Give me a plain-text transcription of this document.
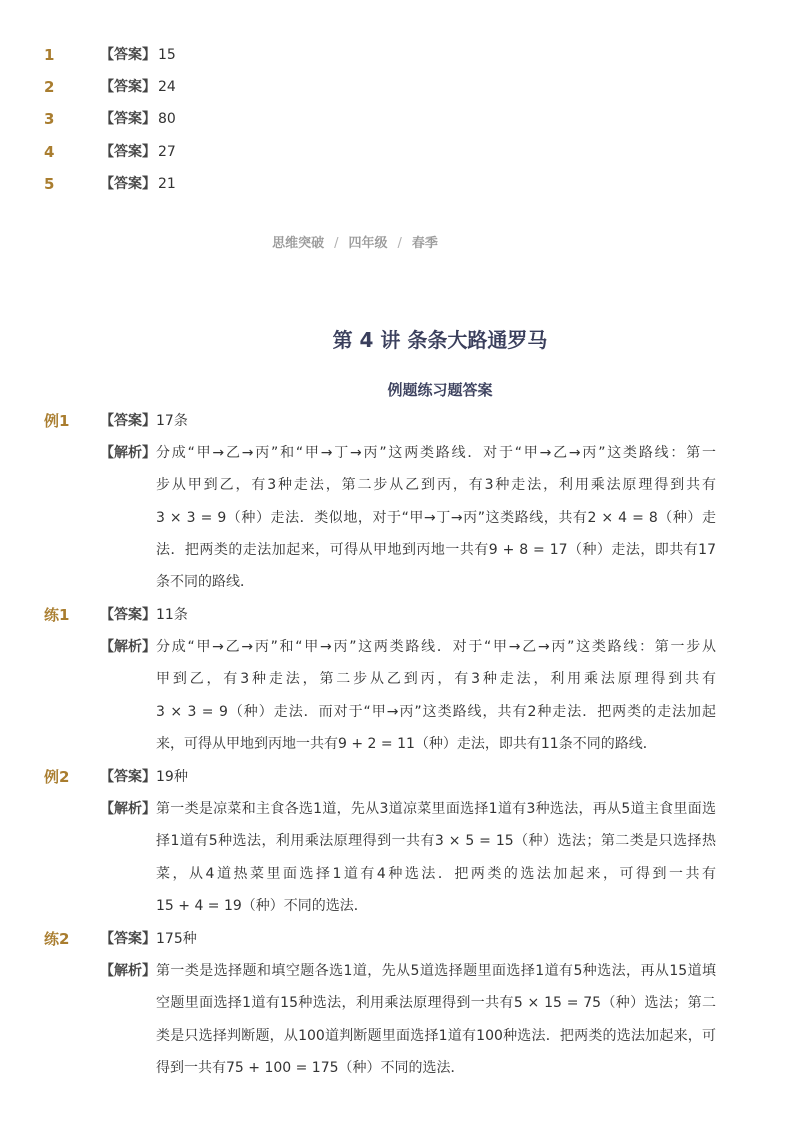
1	【答案】 15
2	【答案】 24
3	【答案】 80
4	【答案】 27
5	【答案】 21
思维突破 / 四年级 / 春季
第 4 讲 条条大路通罗马
例题练习题答案
例1 【答案】 17条
【解析】 分成“甲→乙→丙”和“甲→丁→丙”这两类路线．对于“甲→乙→丙”这类路线：第一
步从甲到乙，有3种走法，第二步从乙到丙，有3种走法，利用乘法原理得到共有
3 × 3 = 9（种）走法．类似地，对于“甲→丁→丙”这类路线，共有2 × 4 = 8（种）走
法．把两类的走法加起来，可得从甲地到丙地一共有9 + 8 = 17（种）走法，即共有17
条不同的路线．
练1 【答案】 11条
【解析】 分成“甲→乙→丙”和“甲→丙”这两类路线．对于“甲→乙→丙”这类路线：第一步从
甲到乙，有3种走法，第二步从乙到丙，有3种走法，利用乘法原理得到共有
3 × 3 = 9（种）走法．而对于“甲→丙”这类路线，共有2种走法．把两类的走法加起
来，可得从甲地到丙地一共有9 + 2 = 11（种）走法，即共有11条不同的路线．
例2 【答案】 19种
【解析】 第一类是凉菜和主食各选1道，先从3道凉菜里面选择1道有3种选法，再从5道主食里面选
择1道有5种选法，利用乘法原理得到一共有3 × 5 = 15（种）选法；第二类是只选择热
菜，从4道热菜里面选择1道有4种选法．把两类的选法加起来，可得到一共有
15 + 4 = 19（种）不同的选法．
练2 【答案】 175种
【解析】 第一类是选择题和填空题各选1道，先从5道选择题里面选择1道有5种选法，再从15道填
空题里面选择1道有15种选法，利用乘法原理得到一共有5 × 15 = 75（种）选法；第二
类是只选择判断题，从100道判断题里面选择1道有100种选法．把两类的选法加起来，可
得到一共有75 + 100 = 175（种）不同的选法．
